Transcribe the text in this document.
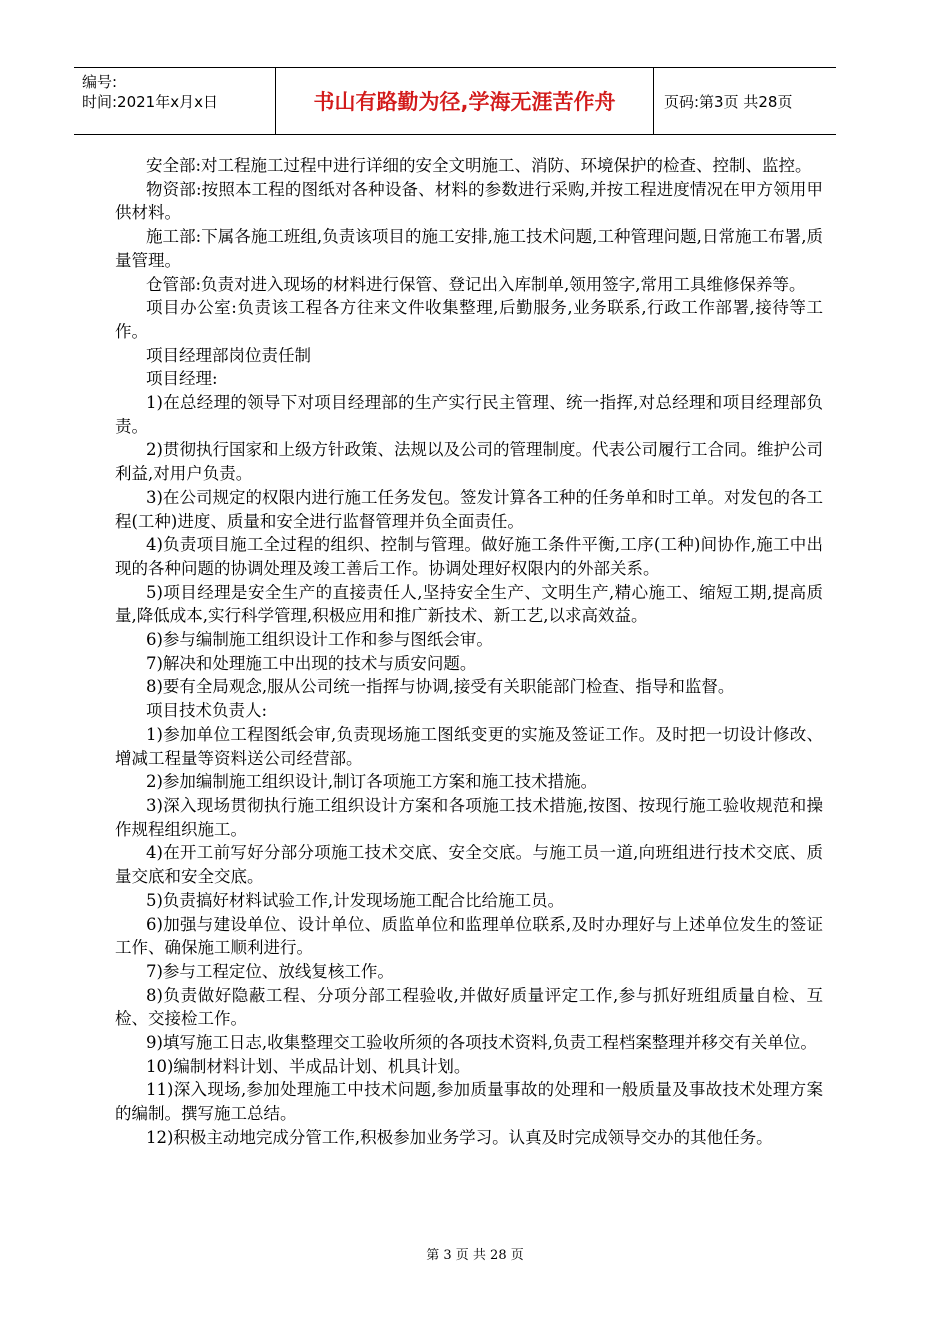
编号:
时间:2021年x月x日	书山有路勤为径,学海无涯苦作舟	页码:第3页 共28页

安全部:对工程施工过程中进行详细的安全文明施工、消防、环境保护的检查、控制、监控。

物资部:按照本工程的图纸对各种设备、材料的参数进行采购,并按工程进度情况在甲方领用甲供材料。

施工部:下属各施工班组,负责该项目的施工安排,施工技术问题,工种管理问题,日常施工布署,质量管理。

仓管部:负责对进入现场的材料进行保管、登记出入库制单,领用签字,常用工具维修保养等。

项目办公室:负责该工程各方往来文件收集整理,后勤服务,业务联系,行政工作部署,接待等工作。

项目经理部岗位责任制

项目经理:

1)在总经理的领导下对项目经理部的生产实行民主管理、统一指挥,对总经理和项目经理部负责。

2)贯彻执行国家和上级方针政策、法规以及公司的管理制度。代表公司履行工合同。维护公司利益,对用户负责。

3)在公司规定的权限内进行施工任务发包。签发计算各工种的任务单和时工单。对发包的各工程(工种)进度、质量和安全进行监督管理并负全面责任。

4)负责项目施工全过程的组织、控制与管理。做好施工条件平衡,工序(工种)间协作,施工中出现的各种问题的协调处理及竣工善后工作。协调处理好权限内的外部关系。

5)项目经理是安全生产的直接责任人,坚持安全生产、文明生产,精心施工、缩短工期,提高质量,降低成本,实行科学管理,积极应用和推广新技术、新工艺,以求高效益。

6)参与编制施工组织设计工作和参与图纸会审。

7)解决和处理施工中出现的技术与质安问题。

8)要有全局观念,服从公司统一指挥与协调,接受有关职能部门检查、指导和监督。

项目技术负责人:

1)参加单位工程图纸会审,负责现场施工图纸变更的实施及签证工作。及时把一切设计修改、增减工程量等资料送公司经营部。

2)参加编制施工组织设计,制订各项施工方案和施工技术措施。

3)深入现场贯彻执行施工组织设计方案和各项施工技术措施,按图、按现行施工验收规范和操作规程组织施工。

4)在开工前写好分部分项施工技术交底、安全交底。与施工员一道,向班组进行技术交底、质量交底和安全交底。

5)负责搞好材料试验工作,计发现场施工配合比给施工员。

6)加强与建设单位、设计单位、质监单位和监理单位联系,及时办理好与上述单位发生的签证工作、确保施工顺利进行。

7)参与工程定位、放线复核工作。

8)负责做好隐蔽工程、分项分部工程验收,并做好质量评定工作,参与抓好班组质量自检、互检、交接检工作。

9)填写施工日志,收集整理交工验收所须的各项技术资料,负责工程档案整理并移交有关单位。

10)编制材料计划、半成品计划、机具计划。

11)深入现场,参加处理施工中技术问题,参加质量事故的处理和一般质量及事故技术处理方案的编制。撰写施工总结。

12)积极主动地完成分管工作,积极参加业务学习。认真及时完成领导交办的其他任务。

第 3 页 共 28 页
